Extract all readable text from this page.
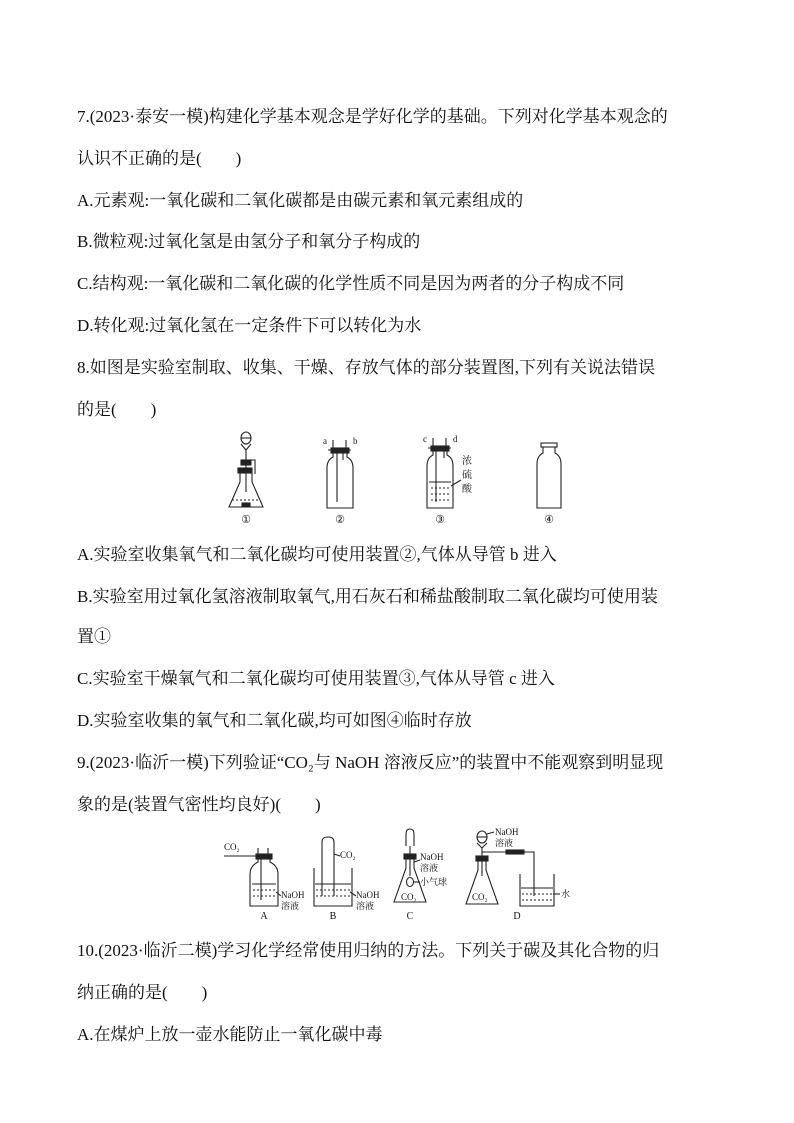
7.(2023·泰安一模)构建化学基本观念是学好化学的基础。下列对化学基本观念的
认识不正确的是(　　)
A.元素观:一氧化碳和二氧化碳都是由碳元素和氧元素组成的
B.微粒观:过氧化氢是由氢分子和氧分子构成的
C.结构观:一氧化碳和二氧化碳的化学性质不同是因为两者的分子构成不同
D.转化观:过氧化氢在一定条件下可以转化为水
8.如图是实验室制取、收集、干燥、存放气体的部分装置图,下列有关说法错误
的是(　　)
a	b	c	d
浓
硫
酸
①	②	③	④
A.实验室收集氧气和二氧化碳均可使用装置②,气体从导管 b 进入
B.实验室用过氧化氢溶液制取氧气,用石灰石和稀盐酸制取二氧化碳均可使用装
置①
C.实验室干燥氧气和二氧化碳均可使用装置③,气体从导管 c 进入
D.实验室收集的氧气和二氧化碳,均可如图④临时存放
9.(2023·临沂一模)下列验证“CO₂与 NaOH 溶液反应”的装置中不能观察到明显现
象的是(装置气密性均良好)(　　)
CO₂
NaOH
溶液
CO₂
NaOH
溶液
NaOH
溶液
小气球
CO₂
NaOH
溶液
CO₂	水
A	B	C	D
10.(2023·临沂二模)学习化学经常使用归纳的方法。下列关于碳及其化合物的归
纳正确的是(　　)
A.在煤炉上放一壶水能防止一氧化碳中毒
